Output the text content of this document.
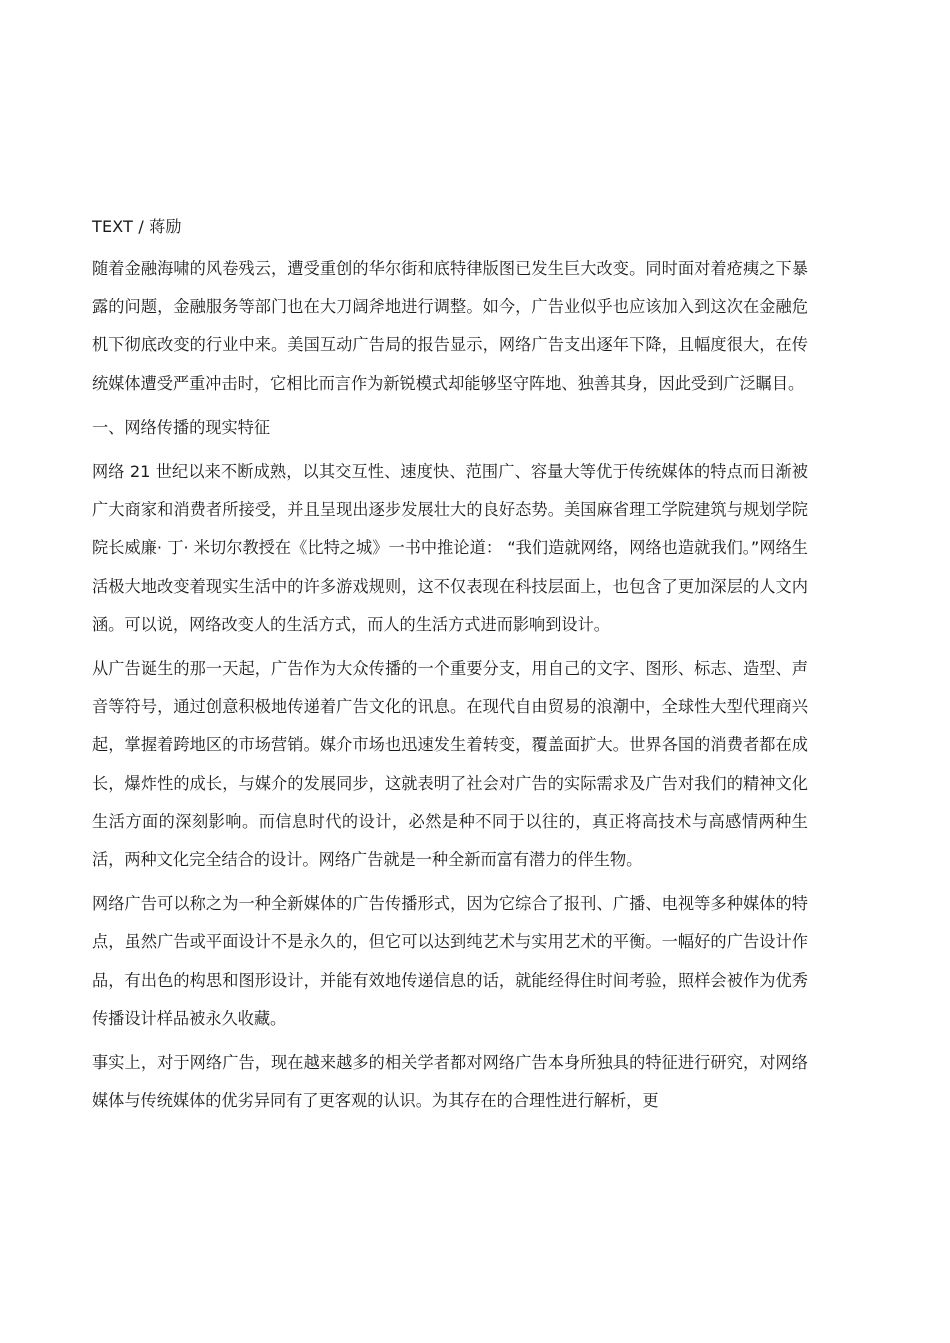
TEXT / 蒋励

随着金融海啸的风卷残云，遭受重创的华尔街和底特律版图已发生巨大改变。同时面对着疮痍之下暴露的问题，金融服务等部门也在大刀阔斧地进行调整。如今，广告业似乎也应该加入到这次在金融危机下彻底改变的行业中来。美国互动广告局的报告显示，网络广告支出逐年下降，且幅度很大，在传统媒体遭受严重冲击时，它相比而言作为新锐模式却能够坚守阵地、独善其身，因此受到广泛瞩目。

一、网络传播的现实特征

网络 21 世纪以来不断成熟，以其交互性、速度快、范围广、容量大等优于传统媒体的特点而日渐被广大商家和消费者所接受，并且呈现出逐步发展壮大的良好态势。美国麻省理工学院建筑与规划学院院长威廉· 丁· 米切尔教授在《比特之城》一书中推论道： “我们造就网络，网络也造就我们。”网络生活极大地改变着现实生活中的许多游戏规则，这不仅表现在科技层面上，也包含了更加深层的人文内涵。可以说，网络改变人的生活方式，而人的生活方式进而影响到设计。

从广告诞生的那一天起，广告作为大众传播的一个重要分支，用自己的文字、图形、标志、造型、声音等符号，通过创意积极地传递着广告文化的讯息。在现代自由贸易的浪潮中，全球性大型代理商兴起，掌握着跨地区的市场营销。媒介市场也迅速发生着转变，覆盖面扩大。世界各国的消费者都在成长，爆炸性的成长，与媒介的发展同步，这就表明了社会对广告的实际需求及广告对我们的精神文化生活方面的深刻影响。而信息时代的设计，必然是种不同于以往的，真正将高技术与高感情两种生活，两种文化完全结合的设计。网络广告就是一种全新而富有潜力的伴生物。

网络广告可以称之为一种全新媒体的广告传播形式，因为它综合了报刊、广播、电视等多种媒体的特点，虽然广告或平面设计不是永久的，但它可以达到纯艺术与实用艺术的平衡。一幅好的广告设计作品，有出色的构思和图形设计，并能有效地传递信息的话，就能经得住时间考验，照样会被作为优秀传播设计样品被永久收藏。

事实上，对于网络广告，现在越来越多的相关学者都对网络广告本身所独具的特征进行研究，对网络媒体与传统媒体的优劣异同有了更客观的认识。为其存在的合理性进行解析，更
